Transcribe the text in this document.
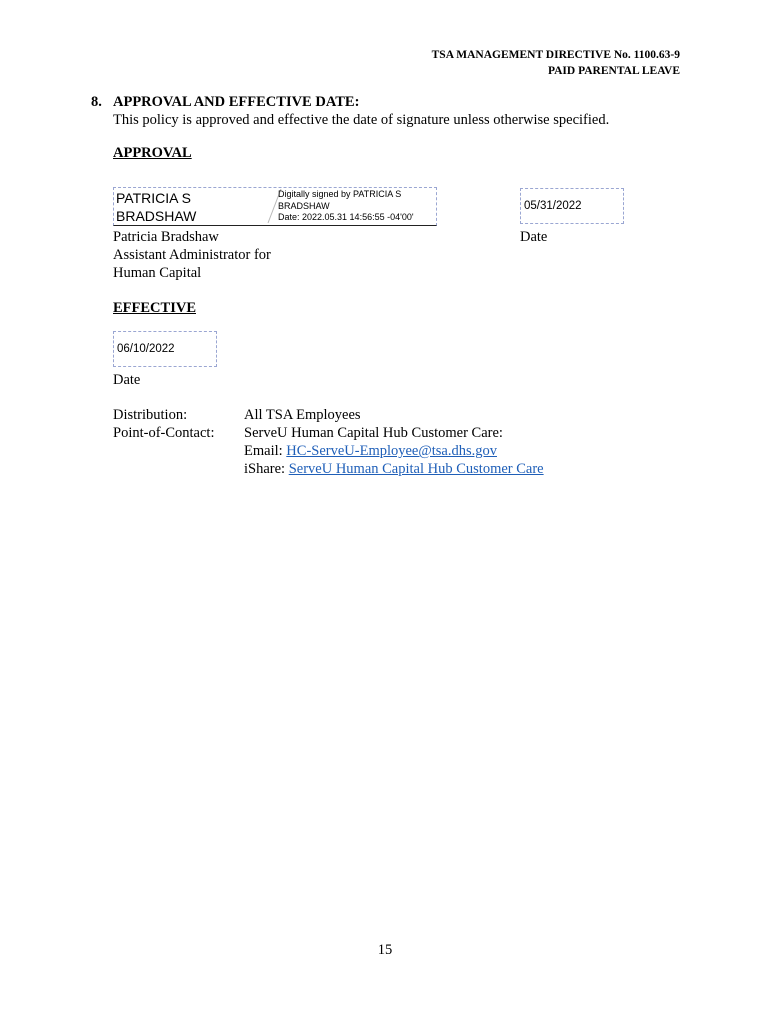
TSA MANAGEMENT DIRECTIVE No. 1100.63-9
PAID PARENTAL LEAVE
8. APPROVAL AND EFFECTIVE DATE:
This policy is approved and effective the date of signature unless otherwise specified.
APPROVAL
PATRICIA S
BRADSHAW
Digitally signed by PATRICIA S
BRADSHAW
Date: 2022.05.31 14:56:55 -04'00'
05/31/2022
Patricia Bradshaw
Assistant Administrator for
Human Capital
Date
EFFECTIVE
06/10/2022
Date
Distribution:	All TSA Employees
Point-of-Contact: ServeU Human Capital Hub Customer Care:
Email: HC-ServeU-Employee@tsa.dhs.gov
iShare: ServeU Human Capital Hub Customer Care
15
